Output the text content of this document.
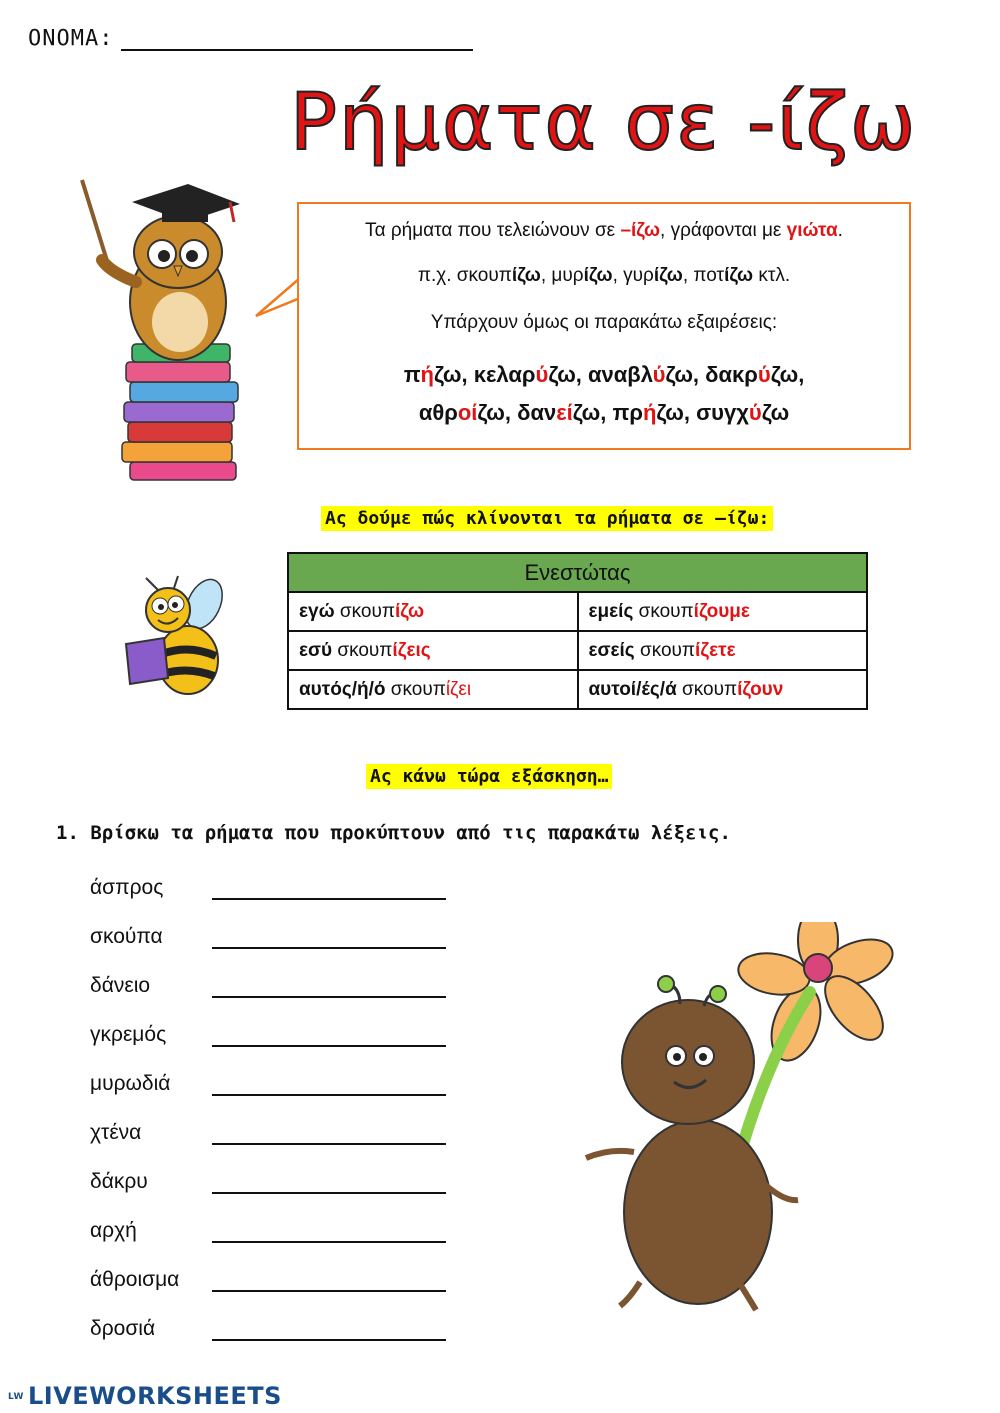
ΟΝΟΜΑ:
Ρήματα σε -ίζω
Τα ρήματα που τελειώνουν σε –ίζω, γράφονται με γιώτα.
π.χ. σκουπίζω, μυρίζω, γυρίζω, ποτίζω κτλ.
Υπάρχουν όμως οι παρακάτω εξαιρέσεις:
πήζω, κελαρύζω, αναβλύζω, δακρύζω,
αθροίζω, δανείζω, πρήζω, συγχύζω
Ας δούμε πώς κλίνονται τα ρήματα σε –ίζω:
Ενεστώτας	
εγώ σκουπίζω	εμείς σκουπίζουμε
εσύ σκουπίζεις	εσείς σκουπίζετε
αυτός/ή/ό σκουπίζει	αυτοί/ές/ά σκουπίζουν
Ας κάνω τώρα εξάσκηση…
1. Βρίσκω τα ρήματα που προκύπτουν από τις παρακάτω λέξεις.
άσπρος
σκούπα
δάνειο
γκρεμός
μυρωδιά
χτένα
δάκρυ
αρχή
άθροισμα
δροσιά
LW LIVEWORKSHEETS
